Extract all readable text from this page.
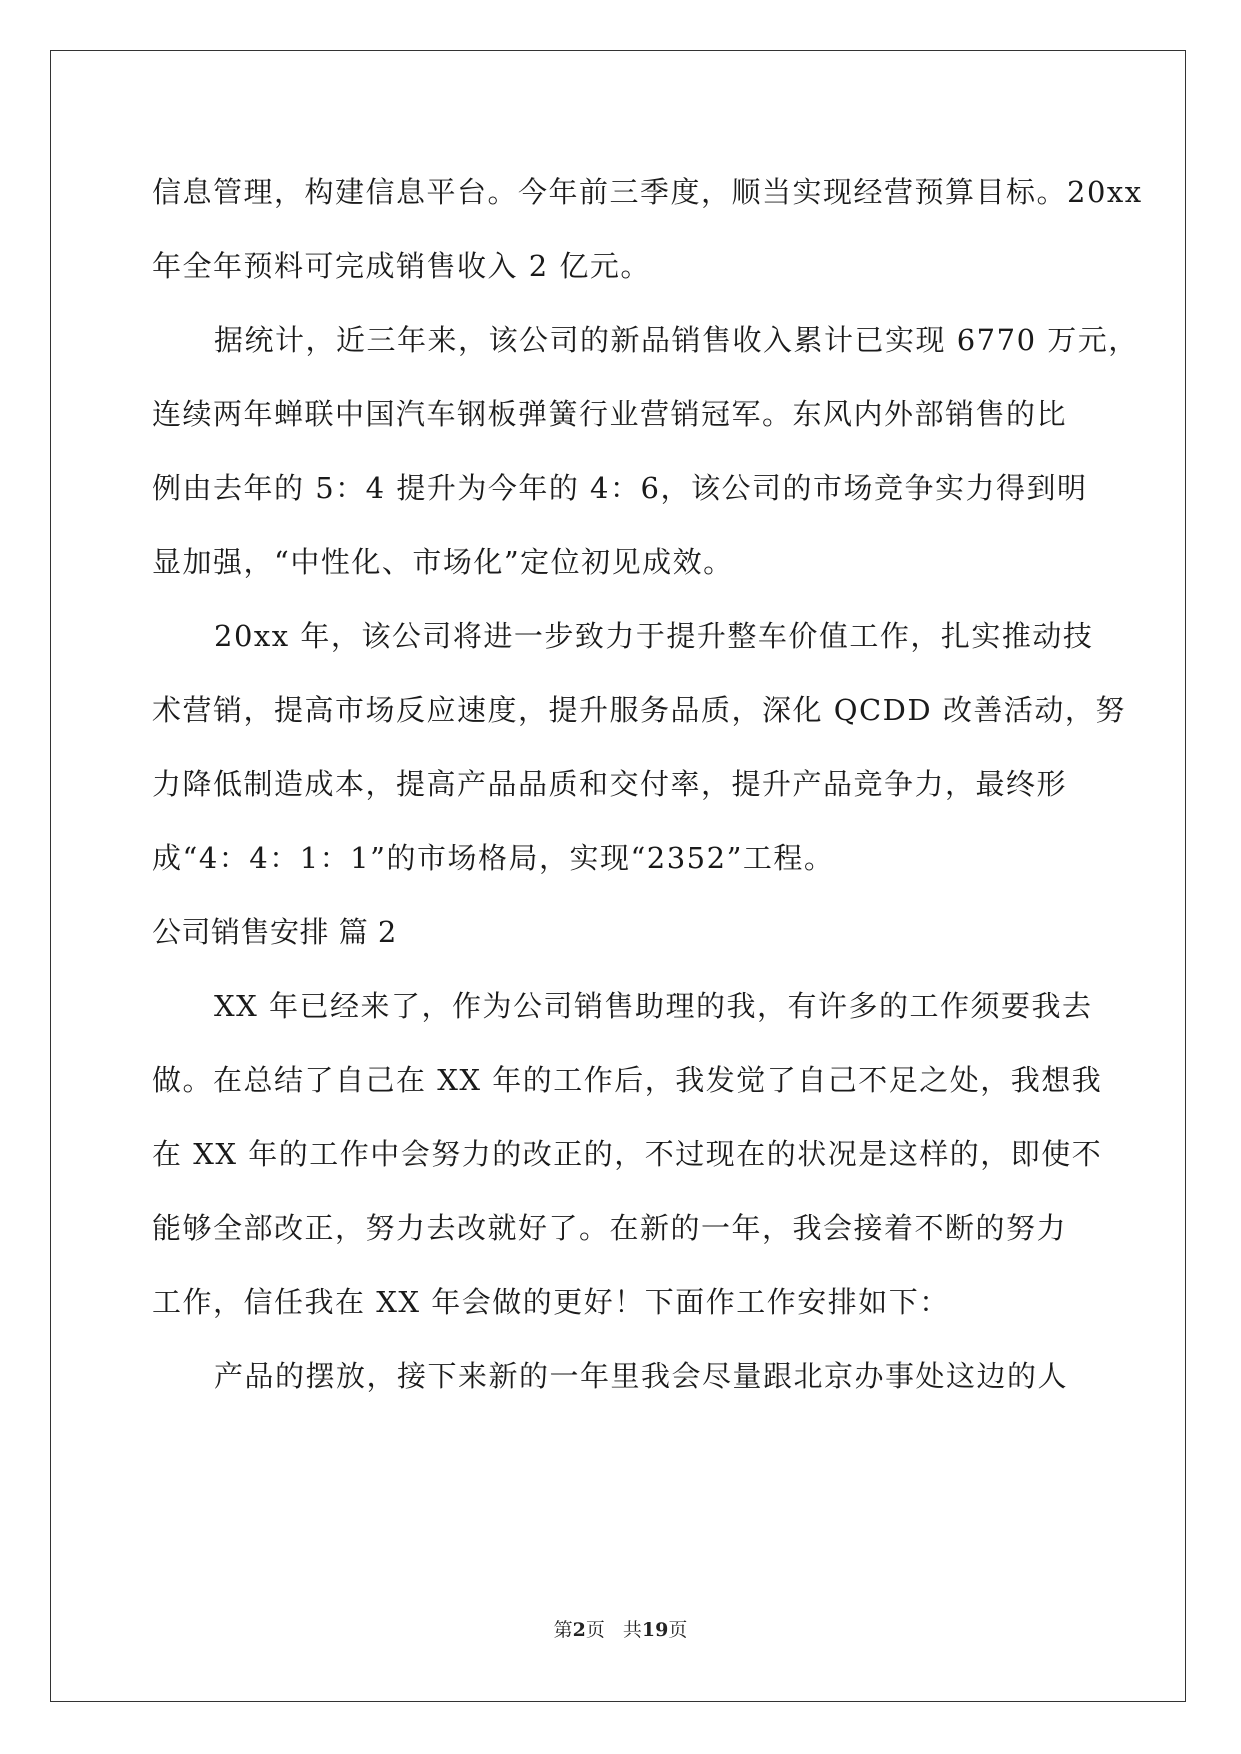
信息管理，构建信息平台。今年前三季度，顺当实现经营预算目标。20xx
年全年预料可完成销售收入 2 亿元。
据统计，近三年来，该公司的新品销售收入累计已实现 6770 万元，
连续两年蝉联中国汽车钢板弹簧行业营销冠军。东风内外部销售的比
例由去年的 5：4 提升为今年的 4：6，该公司的市场竞争实力得到明
显加强，“中性化、市场化”定位初见成效。
20xx 年，该公司将进一步致力于提升整车价值工作，扎实推动技
术营销，提高市场反应速度，提升服务品质，深化 QCDD 改善活动，努
力降低制造成本，提高产品品质和交付率，提升产品竞争力，最终形
成“4：4：1：1”的市场格局，实现“2352”工程。
公司销售安排 篇 2
XX 年已经来了，作为公司销售助理的我，有许多的工作须要我去
做。在总结了自己在 XX 年的工作后，我发觉了自己不足之处，我想我
在 XX 年的工作中会努力的改正的，不过现在的状况是这样的，即使不
能够全部改正，努力去改就好了。在新的一年，我会接着不断的努力
工作，信任我在 XX 年会做的更好！下面作工作安排如下：
产品的摆放，接下来新的一年里我会尽量跟北京办事处这边的人
第2页 共19页
